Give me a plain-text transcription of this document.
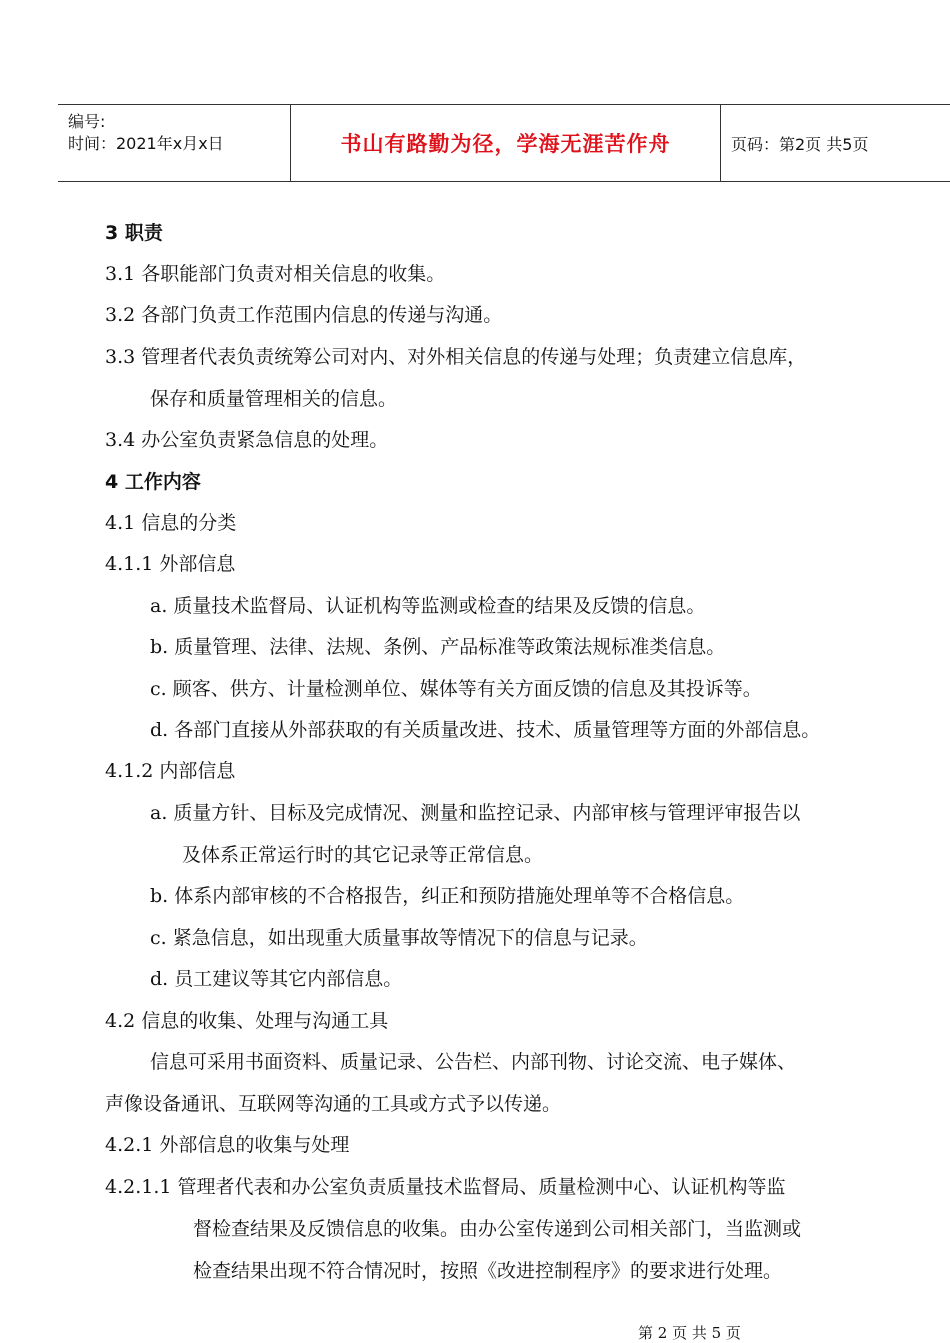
编号:
时间：2021年x月x日	书山有路勤为径，学海无涯苦作舟	页码：第2页 共5页
3 职责
3.1 各职能部门负责对相关信息的收集。
3.2 各部门负责工作范围内信息的传递与沟通。
3.3 管理者代表负责统筹公司对内、对外相关信息的传递与处理；负责建立信息库，
保存和质量管理相关的信息。
3.4 办公室负责紧急信息的处理。
4 工作内容
4.1 信息的分类
4.1.1 外部信息
a. 质量技术监督局、认证机构等监测或检查的结果及反馈的信息。
b. 质量管理、法律、法规、条例、产品标准等政策法规标准类信息。
c. 顾客、供方、计量检测单位、媒体等有关方面反馈的信息及其投诉等。
d. 各部门直接从外部获取的有关质量改进、技术、质量管理等方面的外部信息。
4.1.2 内部信息
a. 质量方针、目标及完成情况、测量和监控记录、内部审核与管理评审报告以
及体系正常运行时的其它记录等正常信息。
b. 体系内部审核的不合格报告，纠正和预防措施处理单等不合格信息。
c. 紧急信息，如出现重大质量事故等情况下的信息与记录。
d. 员工建议等其它内部信息。
4.2 信息的收集、处理与沟通工具
信息可采用书面资料、质量记录、公告栏、内部刊物、讨论交流、电子媒体、
声像设备通讯、互联网等沟通的工具或方式予以传递。
4.2.1 外部信息的收集与处理
4.2.1.1 管理者代表和办公室负责质量技术监督局、质量检测中心、认证机构等监
督检查结果及反馈信息的收集。由办公室传递到公司相关部门，当监测或
检查结果出现不符合情况时，按照《改进控制程序》的要求进行处理。
第 2 页 共 5 页
